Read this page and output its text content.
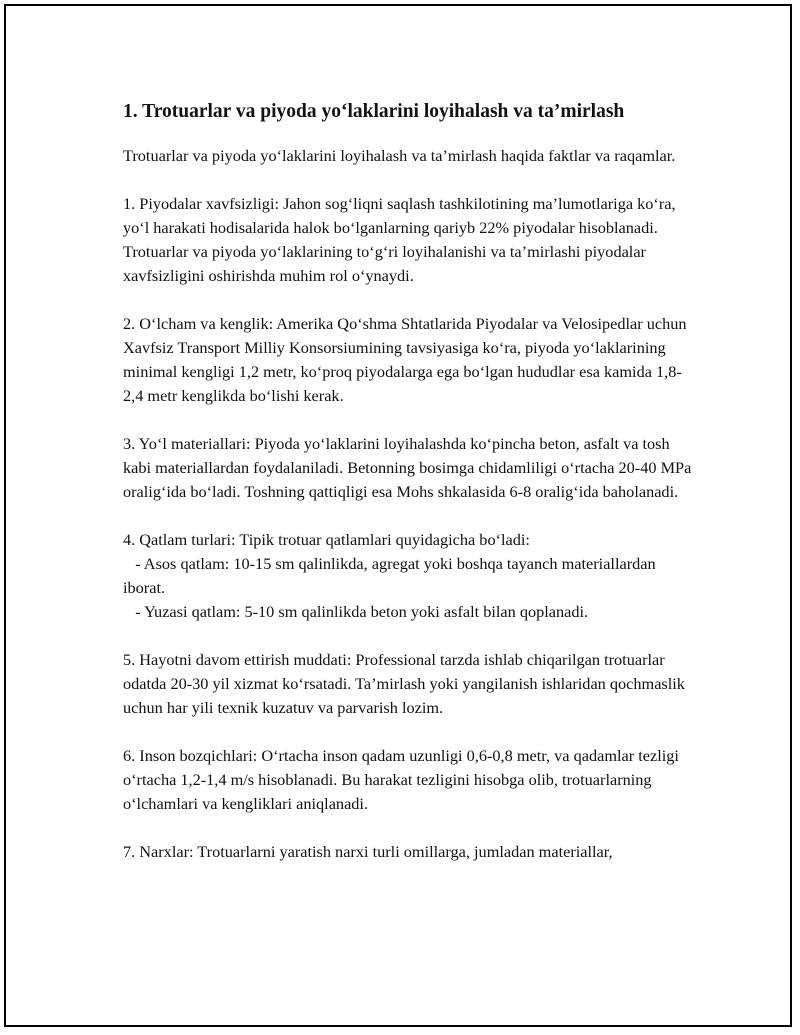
1. Trotuarlar va piyoda yo‘laklarini loyihalash va ta’mirlash

Trotuarlar va piyoda yo‘laklarini loyihalash va ta’mirlash haqida faktlar va raqamlar.

1. Piyodalar xavfsizligi: Jahon sog‘liqni saqlash tashkilotining ma’lumotlariga ko‘ra, yo‘l harakati hodisalarida halok bo‘lganlarning qariyb 22% piyodalar hisoblanadi. Trotuarlar va piyoda yo‘laklarining to‘g‘ri loyihalanishi va ta’mirlashi piyodalar xavfsizligini oshirishda muhim rol o‘ynaydi.

2. O‘lcham va kenglik: Amerika Qo‘shma Shtatlarida Piyodalar va Velosipedlar uchun Xavfsiz Transport Milliy Konsorsiumining tavsiyasiga ko‘ra, piyoda yo‘laklarining minimal kengligi 1,2 metr, ko‘proq piyodalarga ega bo‘lgan hududlar esa kamida 1,8-2,4 metr kenglikda bo‘lishi kerak.

3. Yo‘l materiallari: Piyoda yo‘laklarini loyihalashda ko‘pincha beton, asfalt va tosh kabi materiallardan foydalaniladi. Betonning bosimga chidamliligi o‘rtacha 20-40 MPa oralig‘ida bo‘ladi. Toshning qattiqligi esa Mohs shkalasida 6-8 oralig‘ida baholanadi.

4. Qatlam turlari: Tipik trotuar qatlamlari quyidagicha bo‘ladi:
- Asos qatlam: 10-15 sm qalinlikda, agregat yoki boshqa tayanch materiallardan iborat.
- Yuzasi qatlam: 5-10 sm qalinlikda beton yoki asfalt bilan qoplanadi.

5. Hayotni davom ettirish muddati: Professional tarzda ishlab chiqarilgan trotuarlar odatda 20-30 yil xizmat ko‘rsatadi. Ta’mirlash yoki yangilanish ishlaridan qochmaslik uchun har yili texnik kuzatuv va parvarish lozim.

6. Inson bozqichlari: O‘rtacha inson qadam uzunligi 0,6-0,8 metr, va qadamlar tezligi o‘rtacha 1,2-1,4 m/s hisoblanadi. Bu harakat tezligini hisobga olib, trotuarlarning o‘lchamlari va kengliklari aniqlanadi.

7. Narxlar: Trotuarlarni yaratish narxi turli omillarga, jumladan materiallar,
